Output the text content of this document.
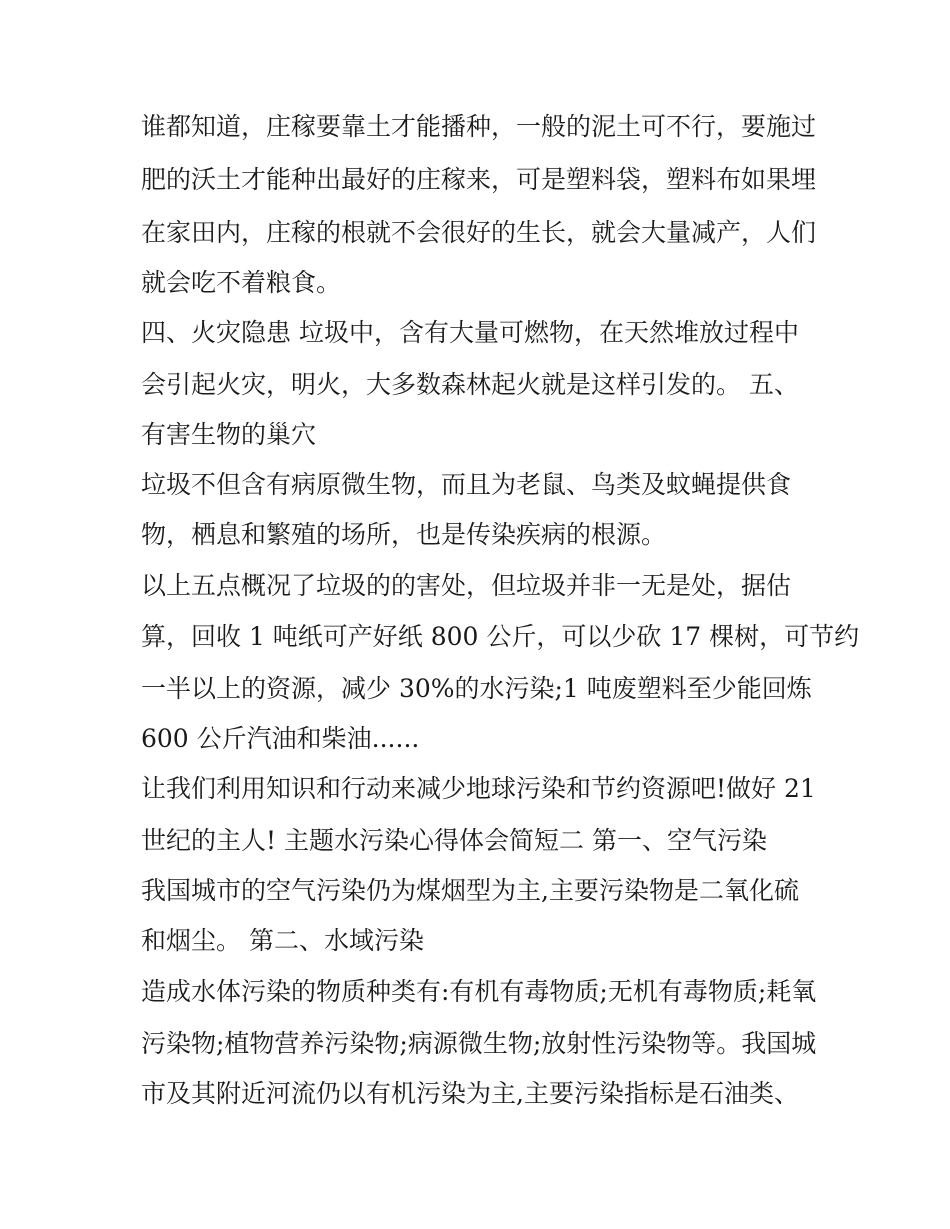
谁都知道，庄稼要靠土才能播种，一般的泥土可不行，要施过
肥的沃土才能种出最好的庄稼来，可是塑料袋，塑料布如果埋
在家田内，庄稼的根就不会很好的生长，就会大量减产，人们
就会吃不着粮食。
四、火灾隐患 垃圾中，含有大量可燃物，在天然堆放过程中
会引起火灾，明火，大多数森林起火就是这样引发的。 五、
有害生物的巢穴
垃圾不但含有病原微生物，而且为老鼠、鸟类及蚊蝇提供食
物，栖息和繁殖的场所，也是传染疾病的根源。
以上五点概况了垃圾的的害处，但垃圾并非一无是处，据估
算，回收 1 吨纸可产好纸 800 公斤，可以少砍 17 棵树，可节约
一半以上的资源，减少 30%的水污染;1 吨废塑料至少能回炼
600 公斤汽油和柴油......
让我们利用知识和行动来减少地球污染和节约资源吧!做好 21
世纪的主人! 主题水污染心得体会简短二 第一、空气污染
我国城市的空气污染仍为煤烟型为主,主要污染物是二氧化硫
和烟尘。 第二、水域污染
造成水体污染的物质种类有:有机有毒物质;无机有毒物质;耗氧
污染物;植物营养污染物;病源微生物;放射性污染物等。我国城
市及其附近河流仍以有机污染为主,主要污染指标是石油类、
